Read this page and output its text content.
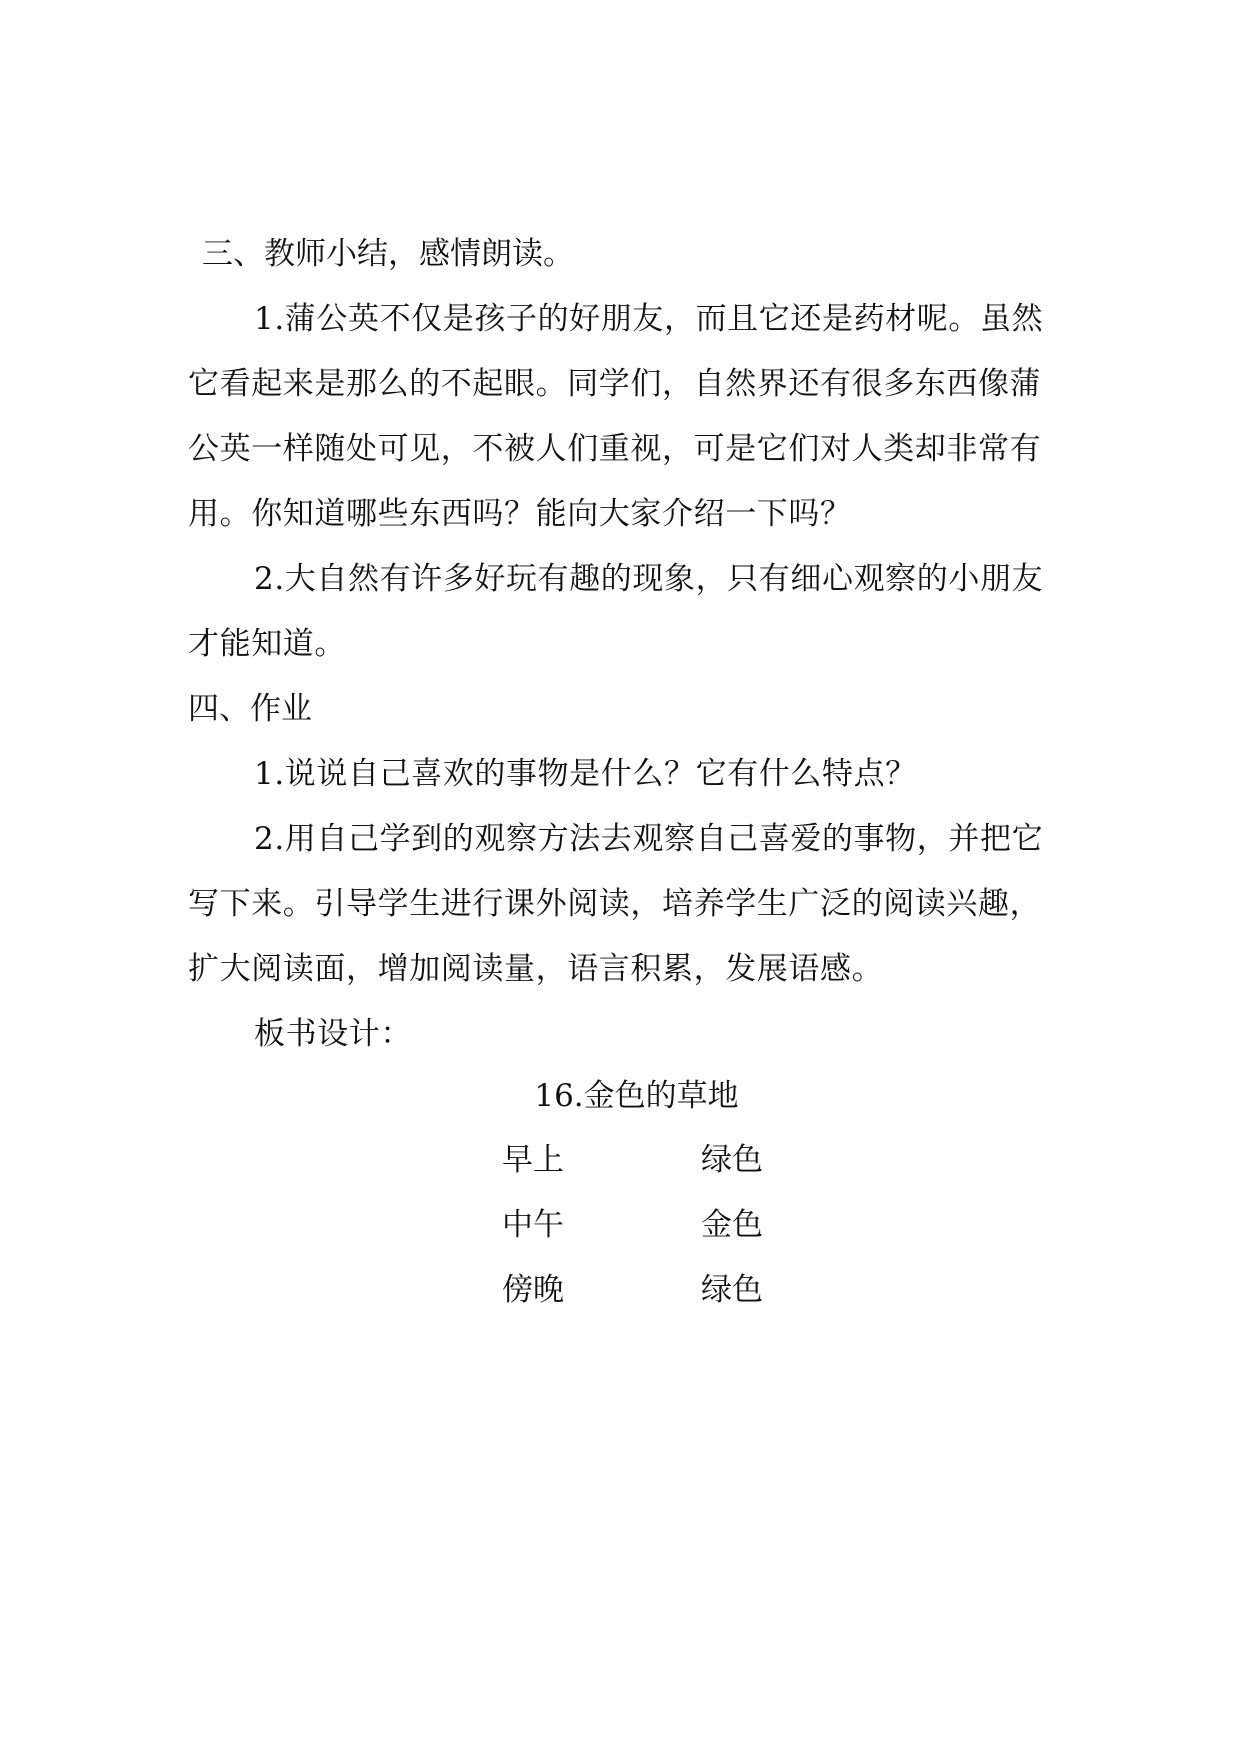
三、教师小结，感情朗读。

1.蒲公英不仅是孩子的好朋友，而且它还是药材呢。虽然它看起来是那么的不起眼。同学们，自然界还有很多东西像蒲公英一样随处可见，不被人们重视，可是它们对人类却非常有用。你知道哪些东西吗？能向大家介绍一下吗？

2.大自然有许多好玩有趣的现象，只有细心观察的小朋友才能知道。

四、作业

1.说说自己喜欢的事物是什么？它有什么特点？

2.用自己学到的观察方法去观察自己喜爱的事物，并把它写下来。引导学生进行课外阅读，培养学生广泛的阅读兴趣，扩大阅读面，增加阅读量，语言积累，发展语感。

板书设计：

16.金色的草地
早上	绿色
中午	金色
傍晚	绿色
